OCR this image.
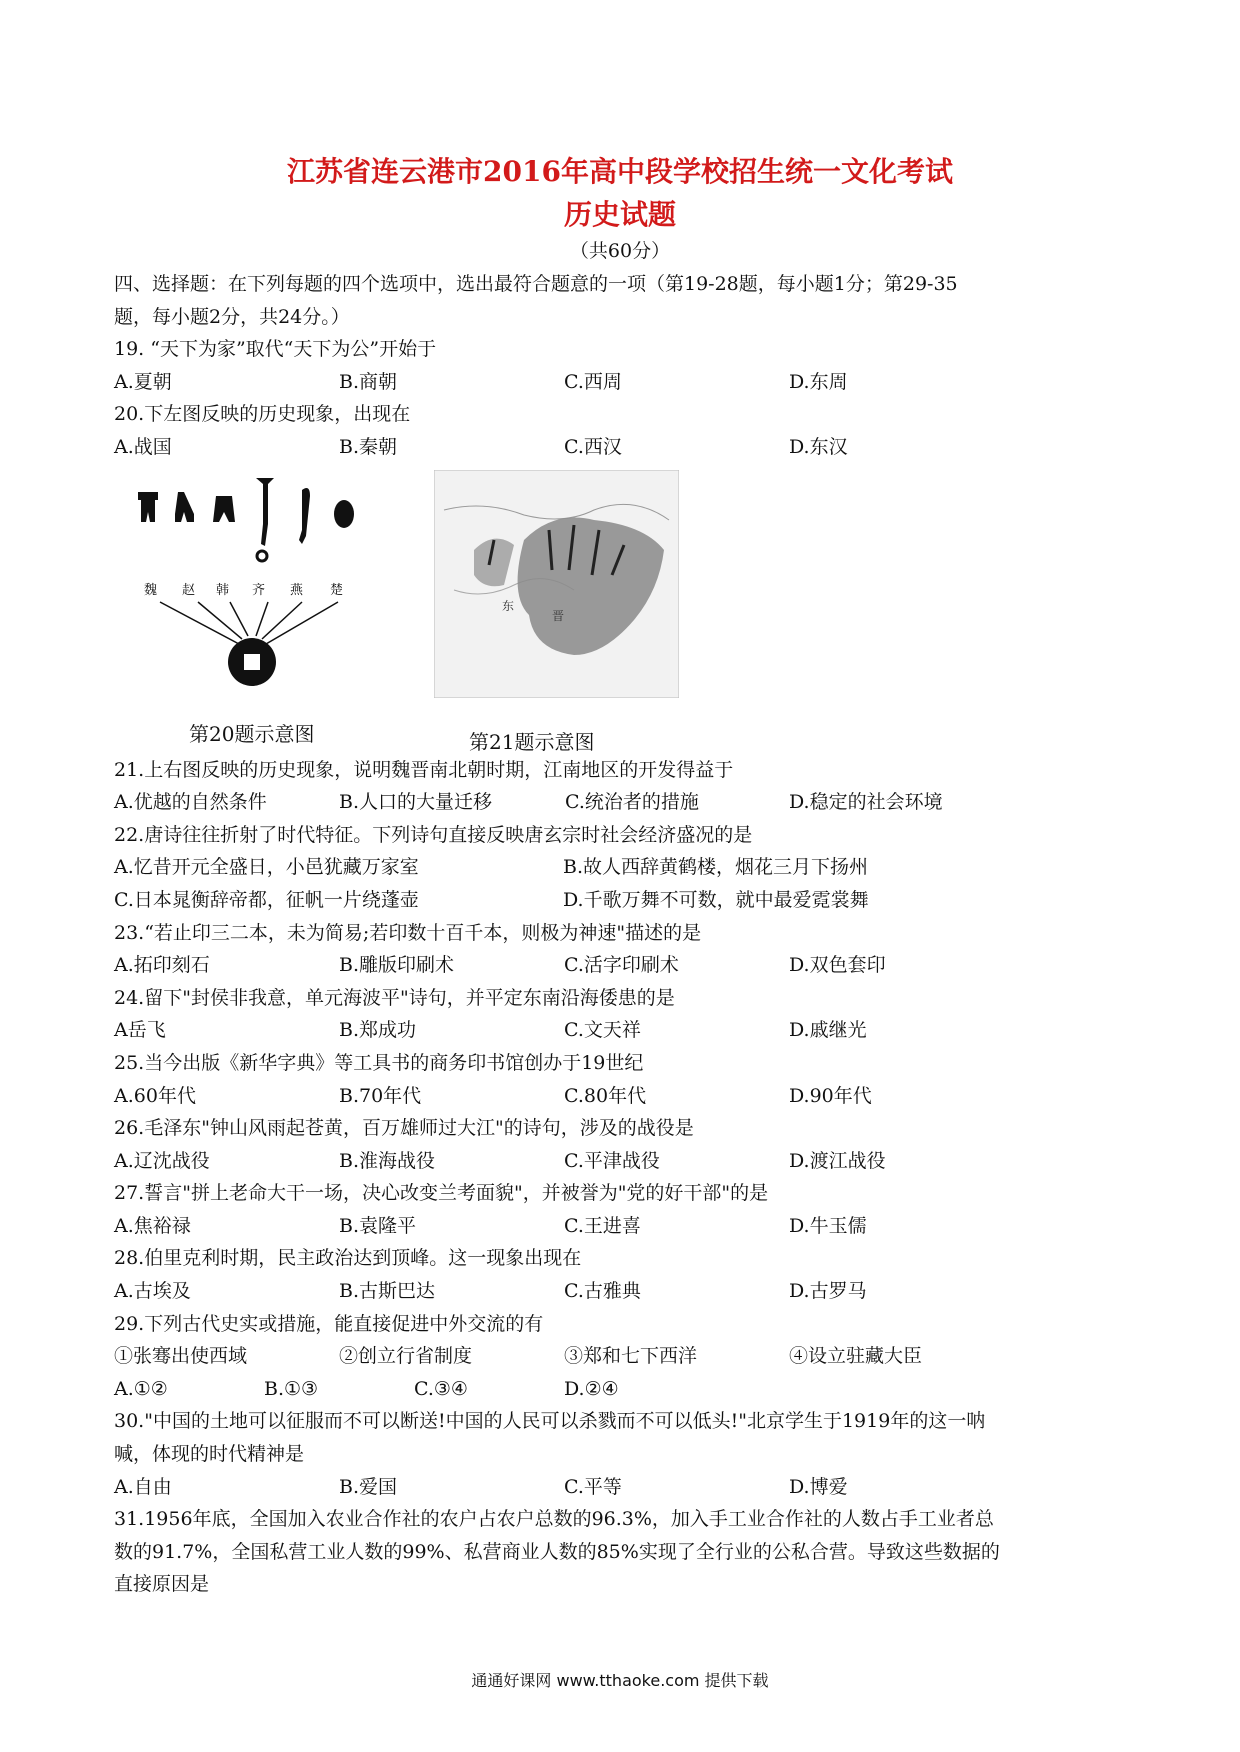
江苏省连云港市2016年高中段学校招生统一文化考试
历史试题
（共60分）
四、选择题：在下列每题的四个选项中，选出最符合题意的一项（第19-28题，每小题1分；第29-35
题，每小题2分，共24分。）
19. “天下为家”取代“天下为公”开始于
A.夏朝	B.商朝	C.西周	D.东周
20.下左图反映的历史现象，出现在
A.战国	B.秦朝	C.西汉	D.东汉
魏 赵 韩 齐 燕 楚
东
晋
第20题示意图	第21题示意图
21.上右图反映的历史现象，说明魏晋南北朝时期，江南地区的开发得益于
A.优越的自然条件	B.人口的大量迁移	C.统治者的措施	D.稳定的社会环境
22.唐诗往往折射了时代特征。下列诗句直接反映唐玄宗时社会经济盛况的是
A.忆昔开元全盛日，小邑犹藏万家室	B.故人西辞黄鹤楼，烟花三月下扬州
C.日本晁衡辞帝都，征帆一片绕蓬壶	D.千歌万舞不可数，就中最爱霓裳舞
23.“若止印三二本，未为简易;若印数十百千本，则极为神速"描述的是
A.拓印刻石	B.雕版印刷术	C.活字印刷术	D.双色套印
24.留下"封侯非我意，单元海波平"诗句，并平定东南沿海倭患的是
A岳飞	B.郑成功	C.文天祥	D.戚继光
25.当今出版《新华字典》等工具书的商务印书馆创办于19世纪
A.60年代	B.70年代	C.80年代	D.90年代
26.毛泽东"钟山风雨起苍黄，百万雄师过大江"的诗句，涉及的战役是
A.辽沈战役	B.淮海战役	C.平津战役	D.渡江战役
27.誓言"拼上老命大干一场，决心改变兰考面貌"，并被誉为"党的好干部"的是
A.焦裕禄	B.袁隆平	C.王进喜	D.牛玉儒
28.伯里克利时期，民主政治达到顶峰。这一现象出现在
A.古埃及	B.古斯巴达	C.古雅典	D.古罗马
29.下列古代史实或措施，能直接促进中外交流的有
①张骞出使西域	②创立行省制度	③郑和七下西洋	④设立驻藏大臣
A.①②	B.①③	C.③④	D.②④
30."中国的土地可以征服而不可以断送!中国的人民可以杀戮而不可以低头!"北京学生于1919年的这一呐
喊，体现的时代精神是
A.自由	B.爱国	C.平等	D.博爱
31.1956年底，全国加入农业合作社的农户占农户总数的96.3%，加入手工业合作社的人数占手工业者总
数的91.7%，全国私营工业人数的99%、私营商业人数的85%实现了全行业的公私合营。导致这些数据的
直接原因是
通通好课网 www.tthaoke.com 提供下载
